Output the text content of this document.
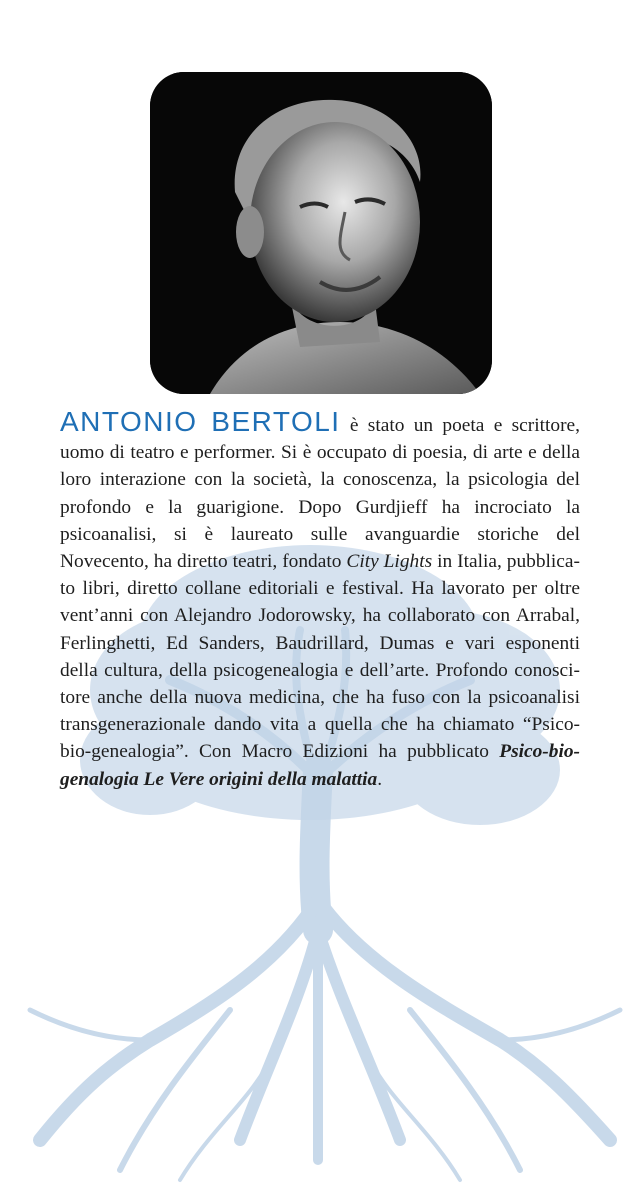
ANTONIO BERTOLI è stato un poeta e scrittore, uomo di teatro e performer. Si è occupato di poesia, di arte e della loro interazione con la società, la conoscenza, la psicologia del profondo e la guarigione. Dopo Gurdjieff ha incrociato la psicoanalisi, si è laureato sulle avanguardie storiche del Novecento, ha diretto teatri, fondato City Lights in Italia, pubblicato libri, diretto collane editoriali e festival. Ha lavorato per oltre vent’anni con Alejandro Jodorowsky, ha collaborato con Arrabal, Ferlinghetti, Ed Sanders, Baudrillard, Dumas e vari esponenti della cultura, della psicogenealogia e dell’arte. Profondo conoscitore anche della nuova medicina, che ha fuso con la psicoanalisi transgenerazionale dando vita a quella che ha chiamato “Psico-bio-genealogia”. Con Macro Edizioni ha pubblicato Psico-bio-genalogia Le Vere origini della malattia.
